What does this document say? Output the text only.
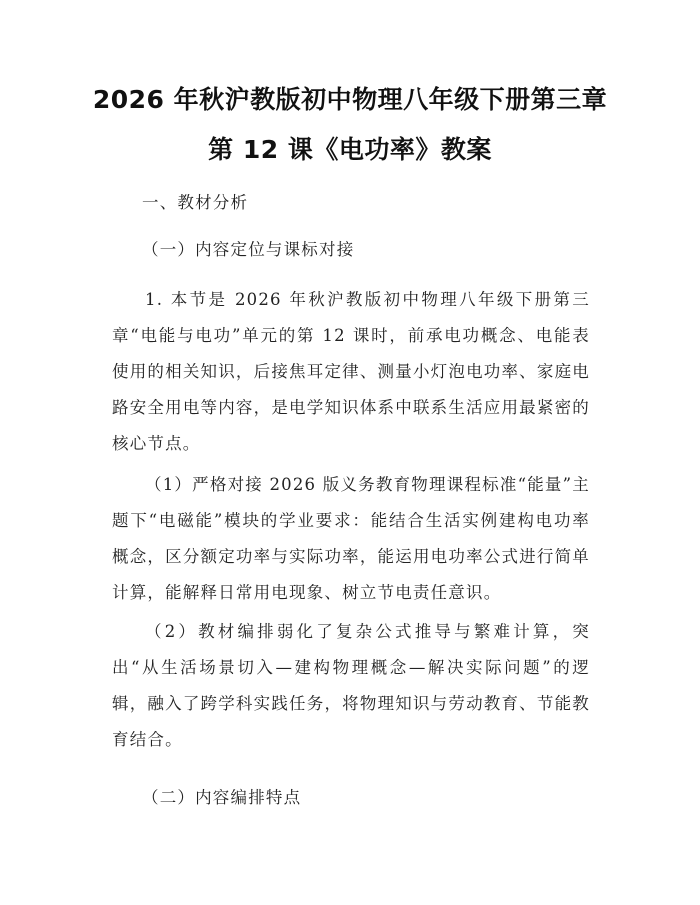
2026 年秋沪教版初中物理八年级下册第三章
第 12 课《电功率》教案
一、教材分析
（一）内容定位与课标对接
1. 本节是 2026 年秋沪教版初中物理八年级下册第三章“电能与电功”单元的第 12 课时，前承电功概念、电能表使用的相关知识，后接焦耳定律、测量小灯泡电功率、家庭电路安全用电等内容，是电学知识体系中联系生活应用最紧密的核心节点。
（1）严格对接 2026 版义务教育物理课程标准“能量”主题下“电磁能”模块的学业要求：能结合生活实例建构电功率概念，区分额定功率与实际功率，能运用电功率公式进行简单计算，能解释日常用电现象、树立节电责任意识。
（2）教材编排弱化了复杂公式推导与繁难计算，突出“从生活场景切入—建构物理概念—解决实际问题”的逻辑，融入了跨学科实践任务，将物理知识与劳动教育、节能教育结合。
（二）内容编排特点
